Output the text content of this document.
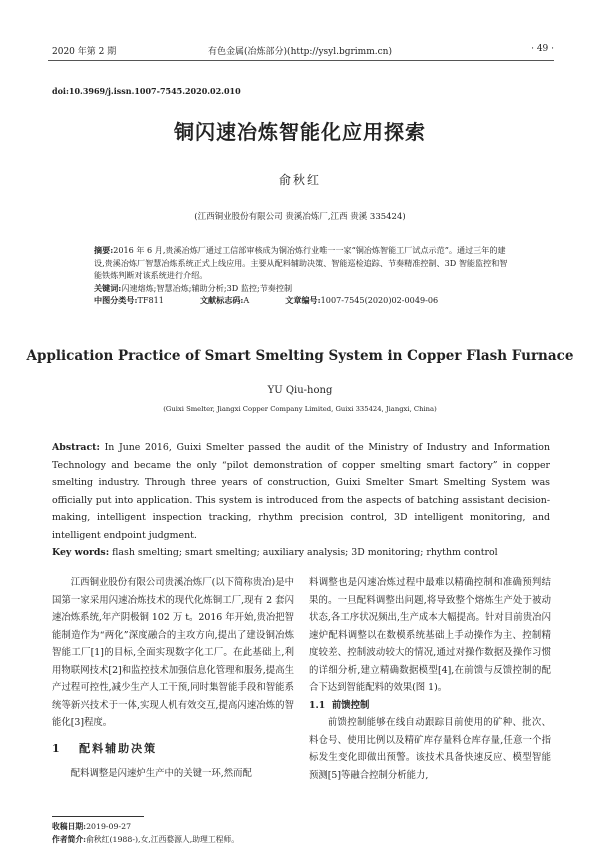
2020 年第 2 期	有色金属(冶炼部分)(http://ysyl.bgrimm.cn)	· 49 ·
doi:10.3969/j.issn.1007-7545.2020.02.010
铜闪速冶炼智能化应用探索
俞秋红
(江西铜业股份有限公司 贵溪冶炼厂,江西 贵溪 335424)

摘要:2016 年 6 月,贵溪冶炼厂通过工信部审核成为铜冶炼行业唯一一家“铜冶炼智能工厂试点示范”。通过三年的建设,贵溪冶炼厂智慧冶炼系统正式上线应用。主要从配料辅助决策、智能巡检追踪、节奏精准控制、3D 智能监控和智能铁炼判断对该系统进行介绍。

关键词:闪速熔炼;智慧冶炼;辅助分析;3D 监控;节奏控制

中图分类号:TF811	文献标志码:A	文章编号:1007-7545(2020)02-0049-06

Application Practice of Smart Smelting System in Copper Flash Furnace
YU Qiu-hong
(Guixi Smelter, Jiangxi Copper Company Limited, Guixi 335424, Jiangxi, China)

Abstract: In June 2016, Guixi Smelter passed the audit of the Ministry of Industry and Information Technology and became the only “pilot demonstration of copper smelting smart factory” in copper smelting industry. Through three years of construction, Guixi Smelter Smart Smelting System was officially put into application. This system is introduced from the aspects of batching assistant decision-making, intelligent inspection tracking, rhythm precision control, 3D intelligent monitoring, and intelligent endpoint judgment.

Key words: flash smelting; smart smelting; auxiliary analysis; 3D monitoring; rhythm control

江西铜业股份有限公司贵溪冶炼厂(以下简称贵冶)是中国第一家采用闪速冶炼技术的现代化炼铜工厂,现有 2 套闪速冶炼系统,年产阴极铜 102 万 t。2016 年开始,贵冶把智能制造作为“两化”深度融合的主攻方向,提出了建设铜冶炼智能工厂[1]的目标,全面实现数字化工厂。在此基础上,利用物联网技术[2]和监控技术加强信息化管理和服务,提高生产过程可控性,减少生产人工干预,同时集智能手段和智能系统等新兴技术于一体,实现人机有效交互,提高闪速冶炼的智能化[3]程度。

1 配料辅助决策

配料调整是闪速炉生产中的关键一环,然而配

料调整也是闪速冶炼过程中最难以精确控制和准确预判结果的。一旦配料调整出问题,将导致整个熔炼生产处于被动状态,各工序状况频出,生产成本大幅提高。针对目前贵冶闪速炉配料调整以在数模系统基础上手动操作为主、控制精度较差、控制波动较大的情况,通过对操作数据及操作习惯的详细分析,建立精确数据模型[4],在前馈与反馈控制的配合下达到智能配料的效果(图 1)。

1.1 前馈控制

前馈控制能够在线自动跟踪目前使用的矿种、批次、料仓号、使用比例以及精矿库存量料仓库存量,任意一个指标发生变化即做出预警。该技术具备快速反应、模型智能预测[5]等融合控制分析能力,

收稿日期:2019-09-27
作者简介:俞秋红(1988-),女,江西婺源人,助理工程师。
